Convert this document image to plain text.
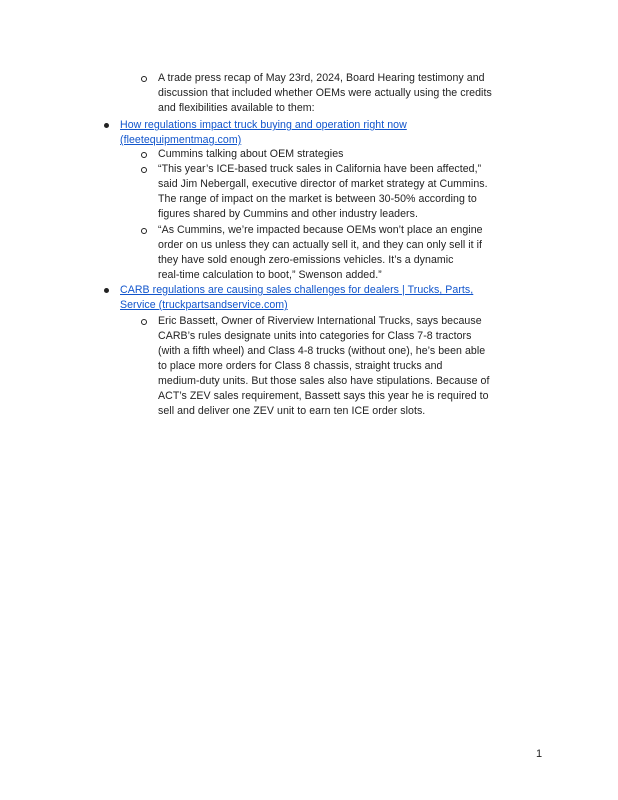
A trade press recap of May 23rd, 2024, Board Hearing testimony and
discussion that included whether OEMs were actually using the credits
and flexibilities available to them:
How regulations impact truck buying and operation right now
(fleetequipmentmag.com)
Cummins talking about OEM strategies
“This year’s ICE-based truck sales in California have been affected,”
said Jim Nebergall, executive director of market strategy at Cummins.
The range of impact on the market is between 30-50% according to
figures shared by Cummins and other industry leaders.
“As Cummins, we’re impacted because OEMs won’t place an engine
order on us unless they can actually sell it, and they can only sell it if
they have sold enough zero-emissions vehicles. It’s a dynamic
real-time calculation to boot,” Swenson added.”
CARB regulations are causing sales challenges for dealers | Trucks, Parts,
Service (truckpartsandservice.com)
Eric Bassett, Owner of Riverview International Trucks, says because
CARB’s rules designate units into categories for Class 7-8 tractors
(with a fifth wheel) and Class 4-8 trucks (without one), he’s been able
to place more orders for Class 8 chassis, straight trucks and
medium-duty units. But those sales also have stipulations. Because of
ACT’s ZEV sales requirement, Bassett says this year he is required to
sell and deliver one ZEV unit to earn ten ICE order slots.
1
